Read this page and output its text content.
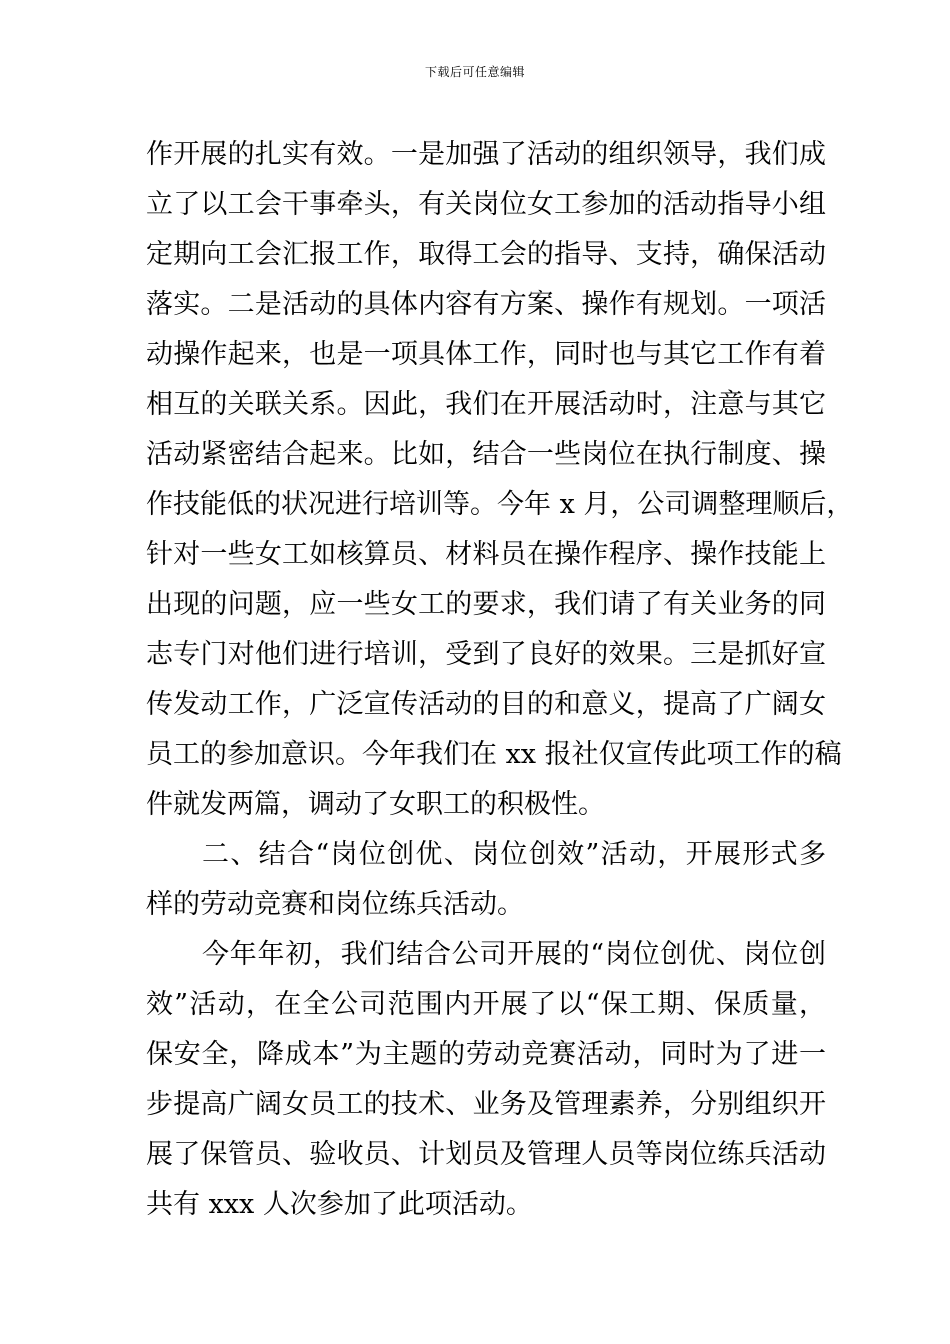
下载后可任意编辑
作开展的扎实有效。一是加强了活动的组织领导，我们成
立了以工会干事牵头，有关岗位女工参加的活动指导小组
定期向工会汇报工作，取得工会的指导、支持，确保活动
落实。二是活动的具体内容有方案、操作有规划。一项活
动操作起来，也是一项具体工作，同时也与其它工作有着
相互的关联关系。因此，我们在开展活动时，注意与其它
活动紧密结合起来。比如，结合一些岗位在执行制度、操
作技能低的状况进行培训等。今年 x 月，公司调整理顺后，
针对一些女工如核算员、材料员在操作程序、操作技能上
出现的问题，应一些女工的要求，我们请了有关业务的同
志专门对他们进行培训，受到了良好的效果。三是抓好宣
传发动工作，广泛宣传活动的目的和意义，提高了广阔女
员工的参加意识。今年我们在 xx 报社仅宣传此项工作的稿
件就发两篇，调动了女职工的积极性。
二、结合“岗位创优、岗位创效”活动，开展形式多
样的劳动竞赛和岗位练兵活动。
今年年初，我们结合公司开展的“岗位创优、岗位创
效”活动，在全公司范围内开展了以“保工期、保质量，
保安全，降成本”为主题的劳动竞赛活动，同时为了进一
步提高广阔女员工的技术、业务及管理素养，分别组织开
展了保管员、验收员、计划员及管理人员等岗位练兵活动
共有 xxx 人次参加了此项活动。
